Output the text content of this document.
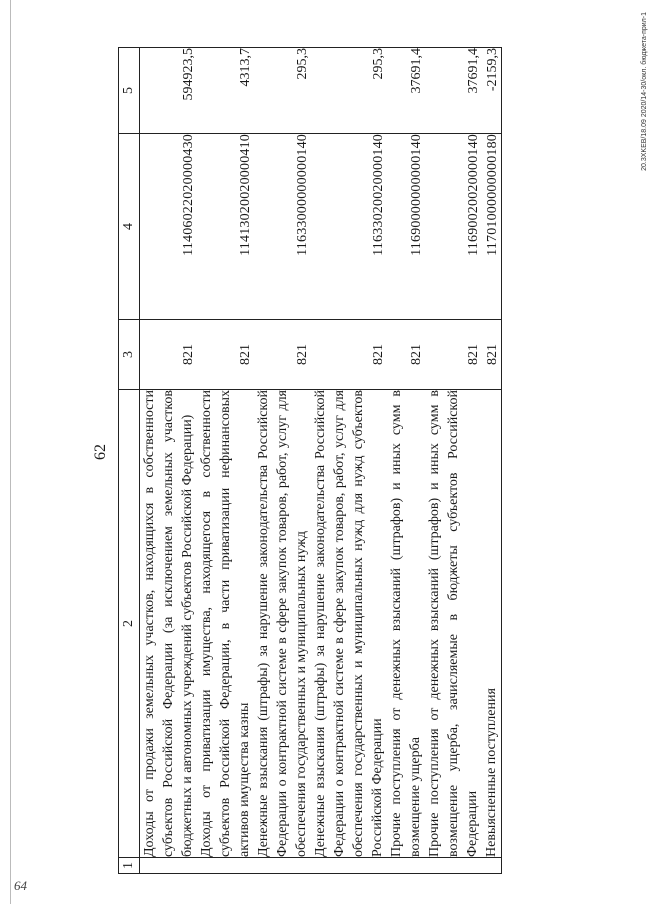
62
1	2	3	4	5
	Доходы от продажи земельных участков, находящихся в собственности субъектов Российской Федерации (за исключением земельных участков бюджетных и автономных учреждений субъектов Российской Федерации)	821	11406022020000430	594923,5
	Доходы от приватизации имущества, находящегося в собственности субъектов Российской Федерации, в части приватизации нефинансовых активов имущества казны	821	11413020020000410	4313,7
	Денежные взыскания (штрафы) за нарушение законодательства Российской Федерации о контрактной системе в сфере закупок товаров, работ, услуг для обеспечения государственных и муниципальных нужд	821	11633000000000140	295,3
	Денежные взыскания (штрафы) за нарушение законодательства Российской Федерации о контрактной системе в сфере закупок товаров, работ, услуг для обеспечения государственных и муниципальных нужд для нужд субъектов Российской Федерации	821	11633020020000140	295,3
	Прочие поступления от денежных взысканий (штрафов) и иных сумм в возмещение ущерба	821	11690000000000140	37691,4
	Прочие поступления от денежных взысканий (штрафов) и иных сумм в возмещение ущерба, зачисляемые в бюджеты субъектов Российской Федерации	821	11690020020000140	37691,4
	Невыясненные поступления	821	11701000000000180	-2159,3	20.3XKEB/18.09 2020/14-30/окл. бюджета-прил-1
64
